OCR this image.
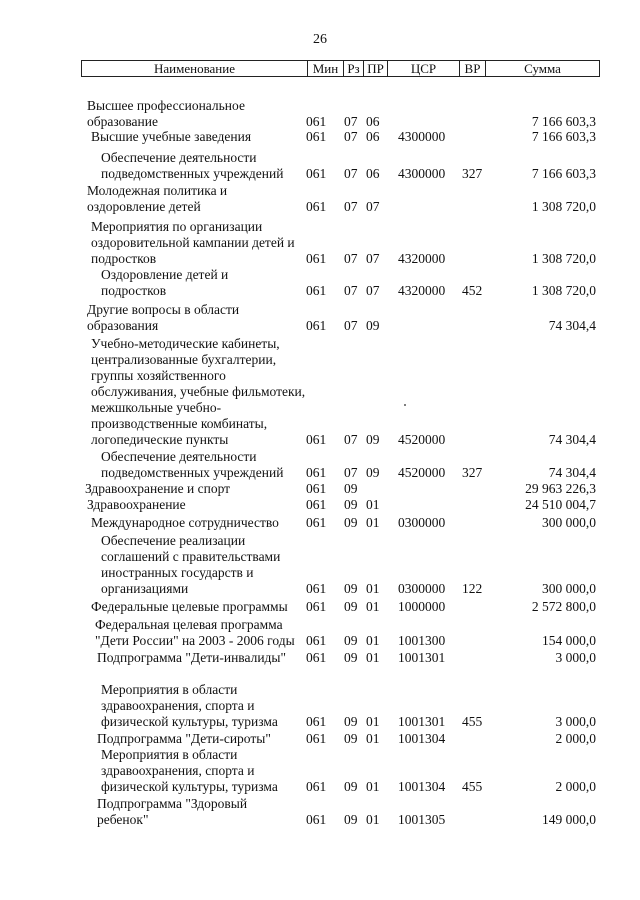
26
Наименование	Мин Рз ПР	ЦСР	ВР	Сумма
Высшее профессиональное
образование	061 07 06	7 166 603,3
Высшие учебные заведения	061 07 06 4300000	7 166 603,3
Обеспечение деятельности
подведомственных учреждений	061 07 06 4300000 327	7 166 603,3
Молодежная политика и
оздоровление детей	061 07 07	1 308 720,0
Мероприятия по организации
оздоровительной кампании детей и
подростков	061 07 07 4320000	1 308 720,0
Оздоровление детей и
подростков	061 07 07 4320000 452	1 308 720,0
Другие вопросы в области
образования	061 07 09	74 304,4
Учебно-методические кабинеты,
централизованные бухгалтерии,
группы хозяйственного
обслуживания, учебные фильмотеки,
межшкольные учебно-
производственные комбинаты,
логопедические пункты	061 07 09 4520000	74 304,4
Обеспечение деятельности
подведомственных учреждений	061 07 09 4520000 327	74 304,4
Здравоохранение и спорт	061 09	29 963 226,3
Здравоохранение	061 09 01	24 510 004,7
Международное сотрудничество	061 09 01 0300000	300 000,0
Обеспечение реализации
соглашений с правительствами
иностранных государств и
организациями	061 09 01 0300000 122	300 000,0
Федеральные целевые программы	061 09 01 1000000	2 572 800,0
Федеральная целевая программа
"Дети России" на 2003 - 2006 годы 061 09 01 1001300	154 000,0
Подпрограмма "Дети-инвалиды"	061 09 01 1001301	3 000,0
Мероприятия в области
здравоохранения, спорта и
физической культуры, туризма	061 09 01 1001301 455	3 000,0
Подпрограмма "Дети-сироты"	061 09 01 1001304	2 000,0
Мероприятия в области
здравоохранения, спорта и
физической культуры, туризма	061 09 01 1001304 455	2 000,0
Подпрограмма "Здоровый
ребенок"	061 09 01 1001305	149 000,0
